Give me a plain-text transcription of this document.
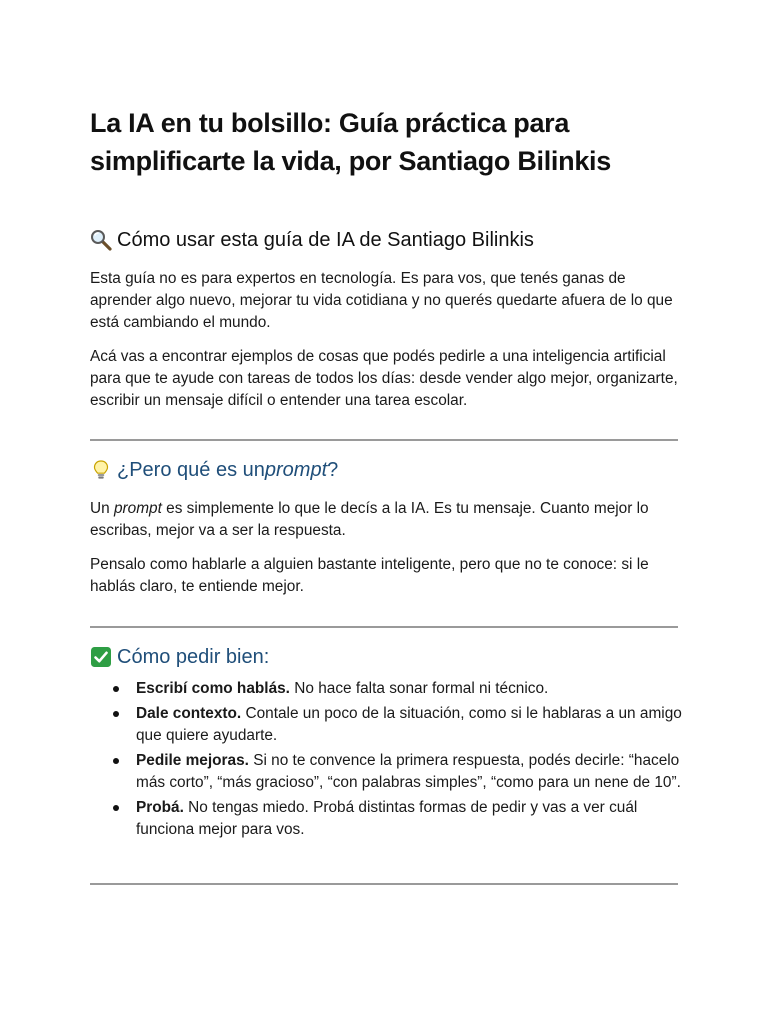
La IA en tu bolsillo: Guía práctica para simplificarte la vida, por Santiago Bilinkis
Cómo usar esta guía de IA de Santiago Bilinkis

Esta guía no es para expertos en tecnología. Es para vos, que tenés ganas de aprender algo nuevo, mejorar tu vida cotidiana y no querés quedarte afuera de lo que está cambiando el mundo.

Acá vas a encontrar ejemplos de cosas que podés pedirle a una inteligencia artificial para que te ayude con tareas de todos los días: desde vender algo mejor, organizarte, escribir un mensaje difícil o entender una tarea escolar.

¿Pero qué es un prompt ?

Un prompt es simplemente lo que le decís a la IA. Es tu mensaje. Cuanto mejor lo escribas, mejor va a ser la respuesta.

Pensalo como hablarle a alguien bastante inteligente, pero que no te conoce: si le hablás claro, te entiende mejor.

Cómo pedir bien:
Escribí como hablás. No hace falta sonar formal ni técnico.
Dale contexto. Contale un poco de la situación, como si le hablaras a un amigo que quiere ayudarte.
Pedile mejoras. Si no te convence la primera respuesta, podés decirle: “hacelo más corto”, “más gracioso”, “con palabras simples”, “como para un nene de 10”.
Probá. No tengas miedo. Probá distintas formas de pedir y vas a ver cuál funciona mejor para vos.
